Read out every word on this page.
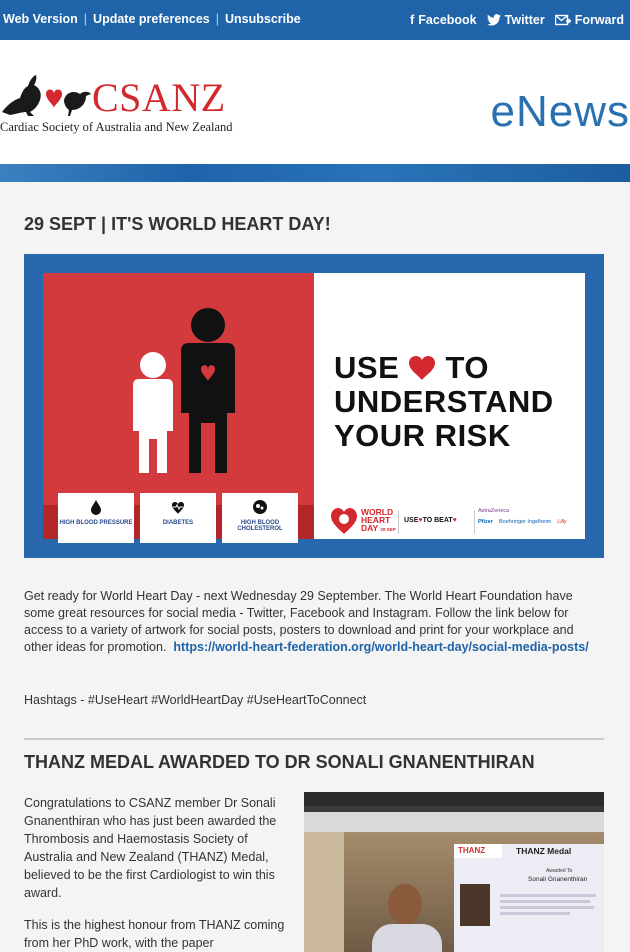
Web Version | Update preferences | Unsubscribe	f Facebook Twitter Forward
CSANZ
Cardiac Society of Australia and New Zealand	eNews
29 SEPT | IT'S WORLD HEART DAY!
HIGH BLOOD PRESSURE	DIABETES	HIGH BLOOD CHOLESTEROL
USE TO
UNDERSTAND
YOUR RISK
WORLD
HEART
DAY 29 SEP
USE♥TO BEAT♥
AstraZeneca
Pfizer Boehringer Ingelheim Lilly
Get ready for World Heart Day - next Wednesday 29 September. The World Heart Foundation have some great resources for social media - Twitter, Facebook and Instagram. Follow the link below for access to a variety of artwork for social posts, posters to download and print for your workplace and other ideas for promotion. https://world-heart-federation.org/world-heart-day/social-media-posts/
Hashtags - #UseHeart #WorldHeartDay #UseHeartToConnect
THANZ MEDAL AWARDED TO DR SONALI GNANENTHIRAN
Congratulations to CSANZ member Dr Sonali Gnanenthiran who has just been awarded the Thrombosis and Haemostasis Society of Australia and New Zealand (THANZ) Medal, believed to be the first Cardiologist to win this award.
This is the highest honour from THANZ coming from her PhD work, with the paper
THANZ	THANZ Medal
Awarded To
Sonali Gnanenthiran
